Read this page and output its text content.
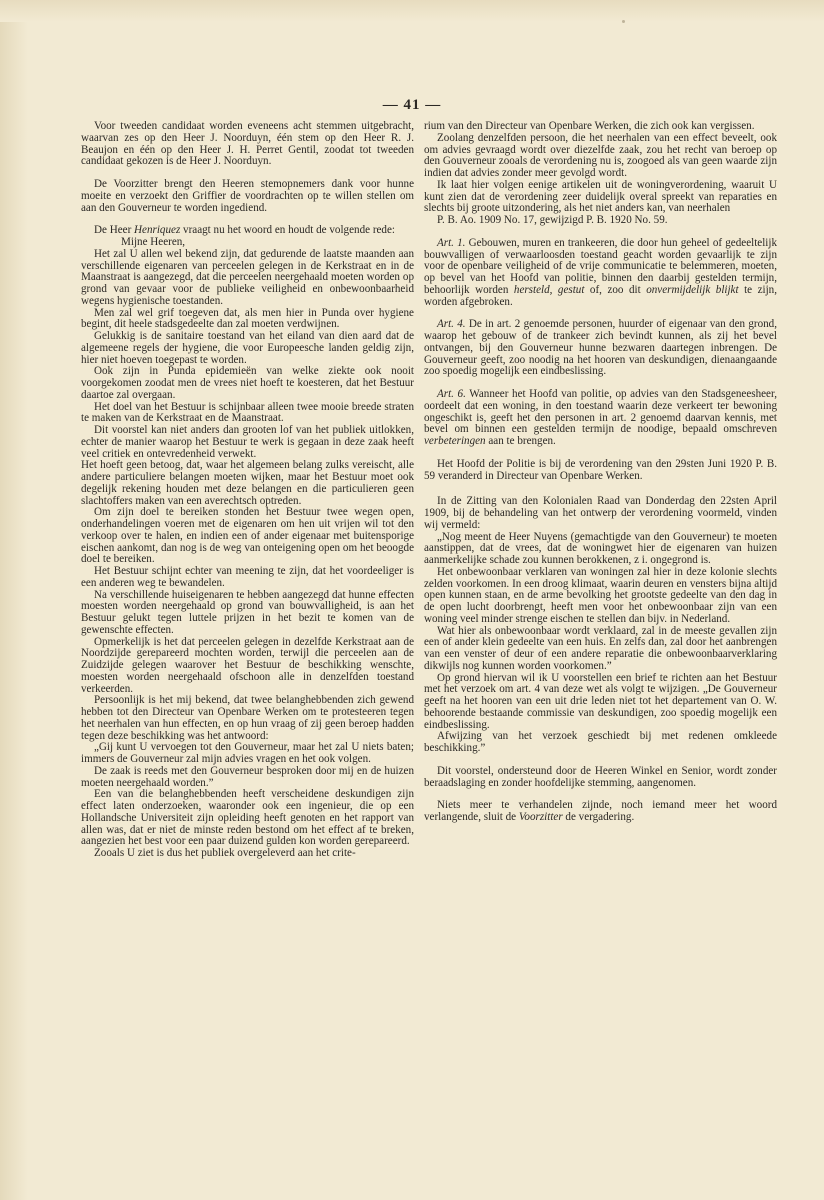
— 41 —

Voor tweeden candidaat worden eveneens acht stemmen uitgebracht, waarvan zes op den Heer J. Noorduyn, één stem op den Heer R. J. Beaujon en één op den Heer J. H. Perret Gentil, zoodat tot tweeden candidaat gekozen is de Heer J. Noorduyn.

De Voorzitter brengt den Heeren stemopnemers dank voor hunne moeite en verzoekt den Griffier de voordrachten op te willen stellen om aan den Gouverneur te worden ingediend.

De Heer Henriquez vraagt nu het woord en houdt de volgende rede:

Mijne Heeren,

Het zal U allen wel bekend zijn, dat gedurende de laatste maanden aan verschillende eigenaren van perceelen gelegen in de Kerkstraat en in de Maanstraat is aangezegd, dat die perceelen neergehaald moeten worden op grond van gevaar voor de publieke veiligheid en onbewoonbaarheid wegens hygienische toestanden.

Men zal wel grif toegeven dat, als men hier in Punda over hygiene begint, dit heele stadsgedeelte dan zal moeten verdwijnen.

Gelukkig is de sanitaire toestand van het eiland van dien aard dat de algemeene regels der hygiene, die voor Europeesche landen geldig zijn, hier niet hoeven toegepast te worden.

Ook zijn in Punda epidemieën van welke ziekte ook nooit voorgekomen zoodat men de vrees niet hoeft te koesteren, dat het Bestuur daartoe zal overgaan.

Het doel van het Bestuur is schijnbaar alleen twee mooie breede straten te maken van de Kerkstraat en de Maanstraat.

Dit voorstel kan niet anders dan grooten lof van het publiek uitlokken, echter de manier waarop het Bestuur te werk is gegaan in deze zaak heeft veel critiek en ontevredenheid verwekt.

Het hoeft geen betoog, dat, waar het algemeen belang zulks vereischt, alle andere particuliere belangen moeten wijken, maar het Bestuur moet ook degelijk rekening houden met deze belangen en die particulieren geen slachtoffers maken van een averechtsch optreden.

Om zijn doel te bereiken stonden het Bestuur twee wegen open, onderhandelingen voeren met de eigenaren om hen uit vrijen wil tot den verkoop over te halen, en indien een of ander eigenaar met buitensporige eischen aankomt, dan nog is de weg van onteigening open om het beoogde doel te bereiken.

Het Bestuur schijnt echter van meening te zijn, dat het voordeeliger is een anderen weg te bewandelen.

Na verschillende huiseigenaren te hebben aangezegd dat hunne effecten moesten worden neergehaald op grond van bouwvalligheid, is aan het Bestuur gelukt tegen luttele prijzen in het bezit te komen van de gewenschte effecten.

Opmerkelijk is het dat perceelen gelegen in dezelfde Kerkstraat aan de Noordzijde gerepareerd mochten worden, terwijl die perceelen aan de Zuidzijde gelegen waarover het Bestuur de beschikking wenschte, moesten worden neergehaald ofschoon alle in denzelfden toestand verkeerden.

Persoonlijk is het mij bekend, dat twee belanghebbenden zich gewend hebben tot den Directeur van Openbare Werken om te protesteeren tegen het neerhalen van hun effecten, en op hun vraag of zij geen beroep hadden tegen deze beschikking was het antwoord:

„Gij kunt U vervoegen tot den Gouverneur, maar het zal U niets baten; immers de Gouverneur zal mijn advies vragen en het ook volgen.

De zaak is reeds met den Gouverneur besproken door mij en de huizen moeten neergehaald worden.”

Een van die belanghebbenden heeft verscheidene deskundigen zijn effect laten onderzoeken, waaronder ook een ingenieur, die op een Hollandsche Universiteit zijn opleiding heeft genoten en het rapport van allen was, dat er niet de minste reden bestond om het effect af te breken, aangezien het best voor een paar duizend gulden kon worden gerepareerd.

Zooals U ziet is dus het publiek overgeleverd aan het crite-

rium van den Directeur van Openbare Werken, die zich ook kan vergissen.

Zoolang denzelfden persoon, die het neerhalen van een effect beveelt, ook om advies gevraagd wordt over diezelfde zaak, zou het recht van beroep op den Gouverneur zooals de verordening nu is, zoogoed als van geen waarde zijn indien dat advies zonder meer gevolgd wordt.

Ik laat hier volgen eenige artikelen uit de woningverordening, waaruit U kunt zien dat de verordening zeer duidelijk overal spreekt van reparaties en slechts bij groote uitzondering, als het niet anders kan, van neerhalen

P. B. Ao. 1909 No. 17, gewijzigd P. B. 1920 No. 59.

Art. 1. Gebouwen, muren en trankeeren, die door hun geheel of gedeeltelijk bouwvalligen of verwaarloosden toestand geacht worden gevaarlijk te zijn voor de openbare veiligheid of de vrije communicatie te belemmeren, moeten, op bevel van het Hoofd van politie, binnen den daarbij gestelden termijn, behoorlijk worden hersteld, gestut of, zoo dit onvermijdelijk blijkt te zijn, worden afgebroken.

Art. 4. De in art. 2 genoemde personen, huurder of eigenaar van den grond, waarop het gebouw of de trankeer zich bevindt kunnen, als zij het bevel ontvangen, bij den Gouverneur hunne bezwaren daartegen inbrengen. De Gouverneur geeft, zoo noodig na het hooren van deskundigen, dienaangaande zoo spoedig mogelijk een eindbeslissing.

Art. 6. Wanneer het Hoofd van politie, op advies van den Stadsgeneesheer, oordeelt dat een woning, in den toestand waarin deze verkeert ter bewoning ongeschikt is, geeft het den personen in art. 2 genoemd daarvan kennis, met bevel om binnen een gestelden termijn de noodige, bepaald omschreven verbeteringen aan te brengen.

Het Hoofd der Politie is bij de verordening van den 29sten Juni 1920 P. B. 59 veranderd in Directeur van Openbare Werken.

In de Zitting van den Kolonialen Raad van Donderdag den 22sten April 1909, bij de behandeling van het ontwerp der verordening voormeld, vinden wij vermeld:

„Nog meent de Heer Nuyens (gemachtigde van den Gouverneur) te moeten aanstippen, dat de vrees, dat de woningwet hier de eigenaren van huizen aanmerkelijke schade zou kunnen berokkenen, z i. ongegrond is.

Het onbewoonbaar verklaren van woningen zal hier in deze kolonie slechts zelden voorkomen. In een droog klimaat, waarin deuren en vensters bijna altijd open kunnen staan, en de arme bevolking het grootste gedeelte van den dag in de open lucht doorbrengt, heeft men voor het onbewoonbaar zijn van een woning veel minder strenge eischen te stellen dan bijv. in Nederland.

Wat hier als onbewoonbaar wordt verklaard, zal in de meeste gevallen zijn een of ander klein gedeelte van een huis. En zelfs dan, zal door het aanbrengen van een venster of deur of een andere reparatie die onbewoonbaarverklaring dikwijls nog kunnen worden voorkomen.”

Op grond hiervan wil ik U voorstellen een brief te richten aan het Bestuur met het verzoek om art. 4 van deze wet als volgt te wijzigen. „De Gouverneur geeft na het hooren van een uit drie leden niet tot het departement van O. W. behoorende bestaande commissie van deskundigen, zoo spoedig mogelijk een eindbeslissing.

Afwijzing van het verzoek geschiedt bij met redenen omkleede beschikking.”

Dit voorstel, ondersteund door de Heeren Winkel en Senior, wordt zonder beraadslaging en zonder hoofdelijke stemming, aangenomen.

Niets meer te verhandelen zijnde, noch iemand meer het woord verlangende, sluit de Voorzitter de vergadering.
